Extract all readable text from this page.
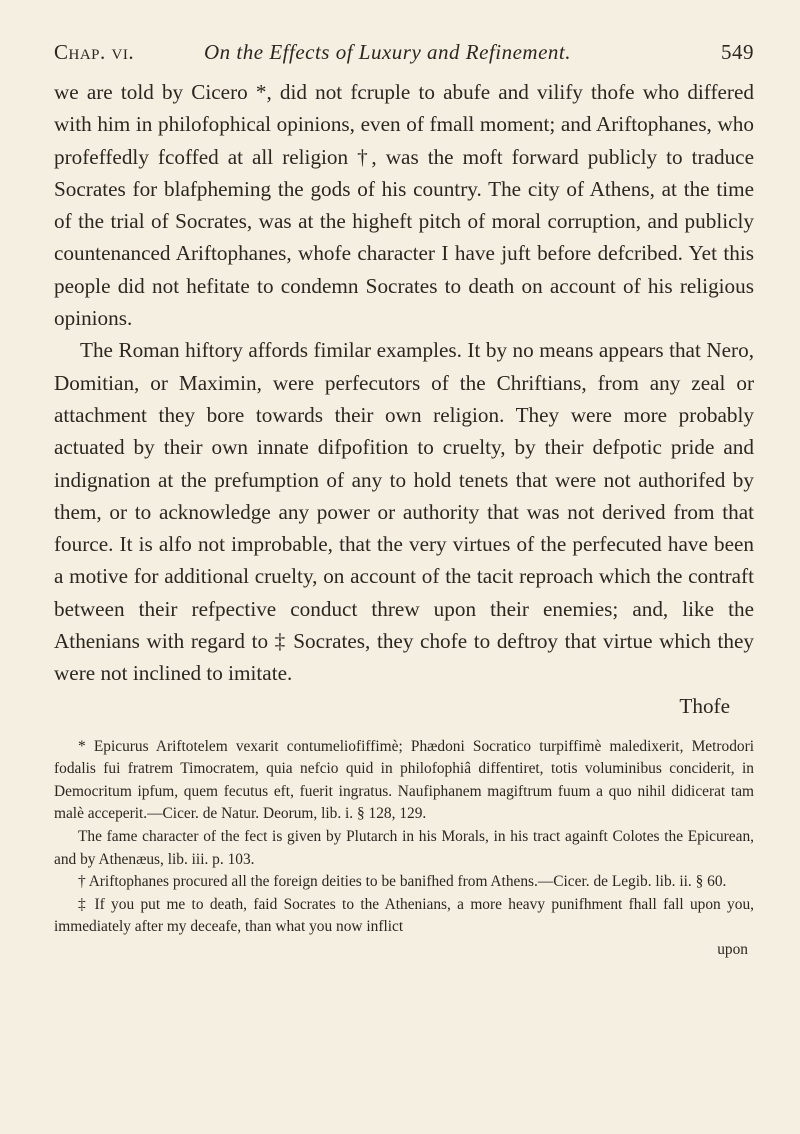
Chap. vi.	On the Effects of Luxury and Refinement.	549

we are told by Cicero *, did not fcruple to abufe and vilify thofe who differed with him in philofophical opinions, even of fmall moment; and Ariftophanes, who profeffedly fcoffed at all religion †, was the moft forward publicly to traduce Socrates for blafpheming the gods of his country. The city of Athens, at the time of the trial of Socrates, was at the higheft pitch of moral corruption, and publicly countenanced Ariftophanes, whofe character I have juft before defcribed. Yet this people did not hefitate to condemn Socrates to death on account of his religious opinions.

The Roman hiftory affords fimilar examples. It by no means appears that Nero, Domitian, or Maximin, were perfecutors of the Chriftians, from any zeal or attachment they bore towards their own religion. They were more probably actuated by their own innate difpofition to cruelty, by their defpotic pride and indignation at the prefumption of any to hold tenets that were not authorifed by them, or to acknowledge any power or authority that was not derived from that fource. It is alfo not improbable, that the very virtues of the perfecuted have been a motive for additional cruelty, on account of the tacit reproach which the contraft between their refpective conduct threw upon their enemies; and, like the Athenians with regard to ‡ Socrates, they chofe to deftroy that virtue which they were not inclined to imitate.

Thofe

* Epicurus Ariftotelem vexarit contumeliofiffimè; Phædoni Socratico turpiffimè maledixerit, Metrodori fodalis fui fratrem Timocratem, quia nefcio quid in philofophiâ diffentiret, totis voluminibus conciderit, in Democritum ipfum, quem fecutus eft, fuerit ingratus. Naufiphanem magiftrum fuum a quo nihil didicerat tam malè acceperit.—Cicer. de Natur. Deorum, lib. i. § 128, 129.

The fame character of the fect is given by Plutarch in his Morals, in his tract againft Colotes the Epicurean, and by Athenæus, lib. iii. p. 103.

† Ariftophanes procured all the foreign deities to be banifhed from Athens.—Cicer. de Legib. lib. ii. § 60.

‡ If you put me to death, faid Socrates to the Athenians, a more heavy punifhment fhall fall upon you, immediately after my deceafe, than what you now inflict

upon
